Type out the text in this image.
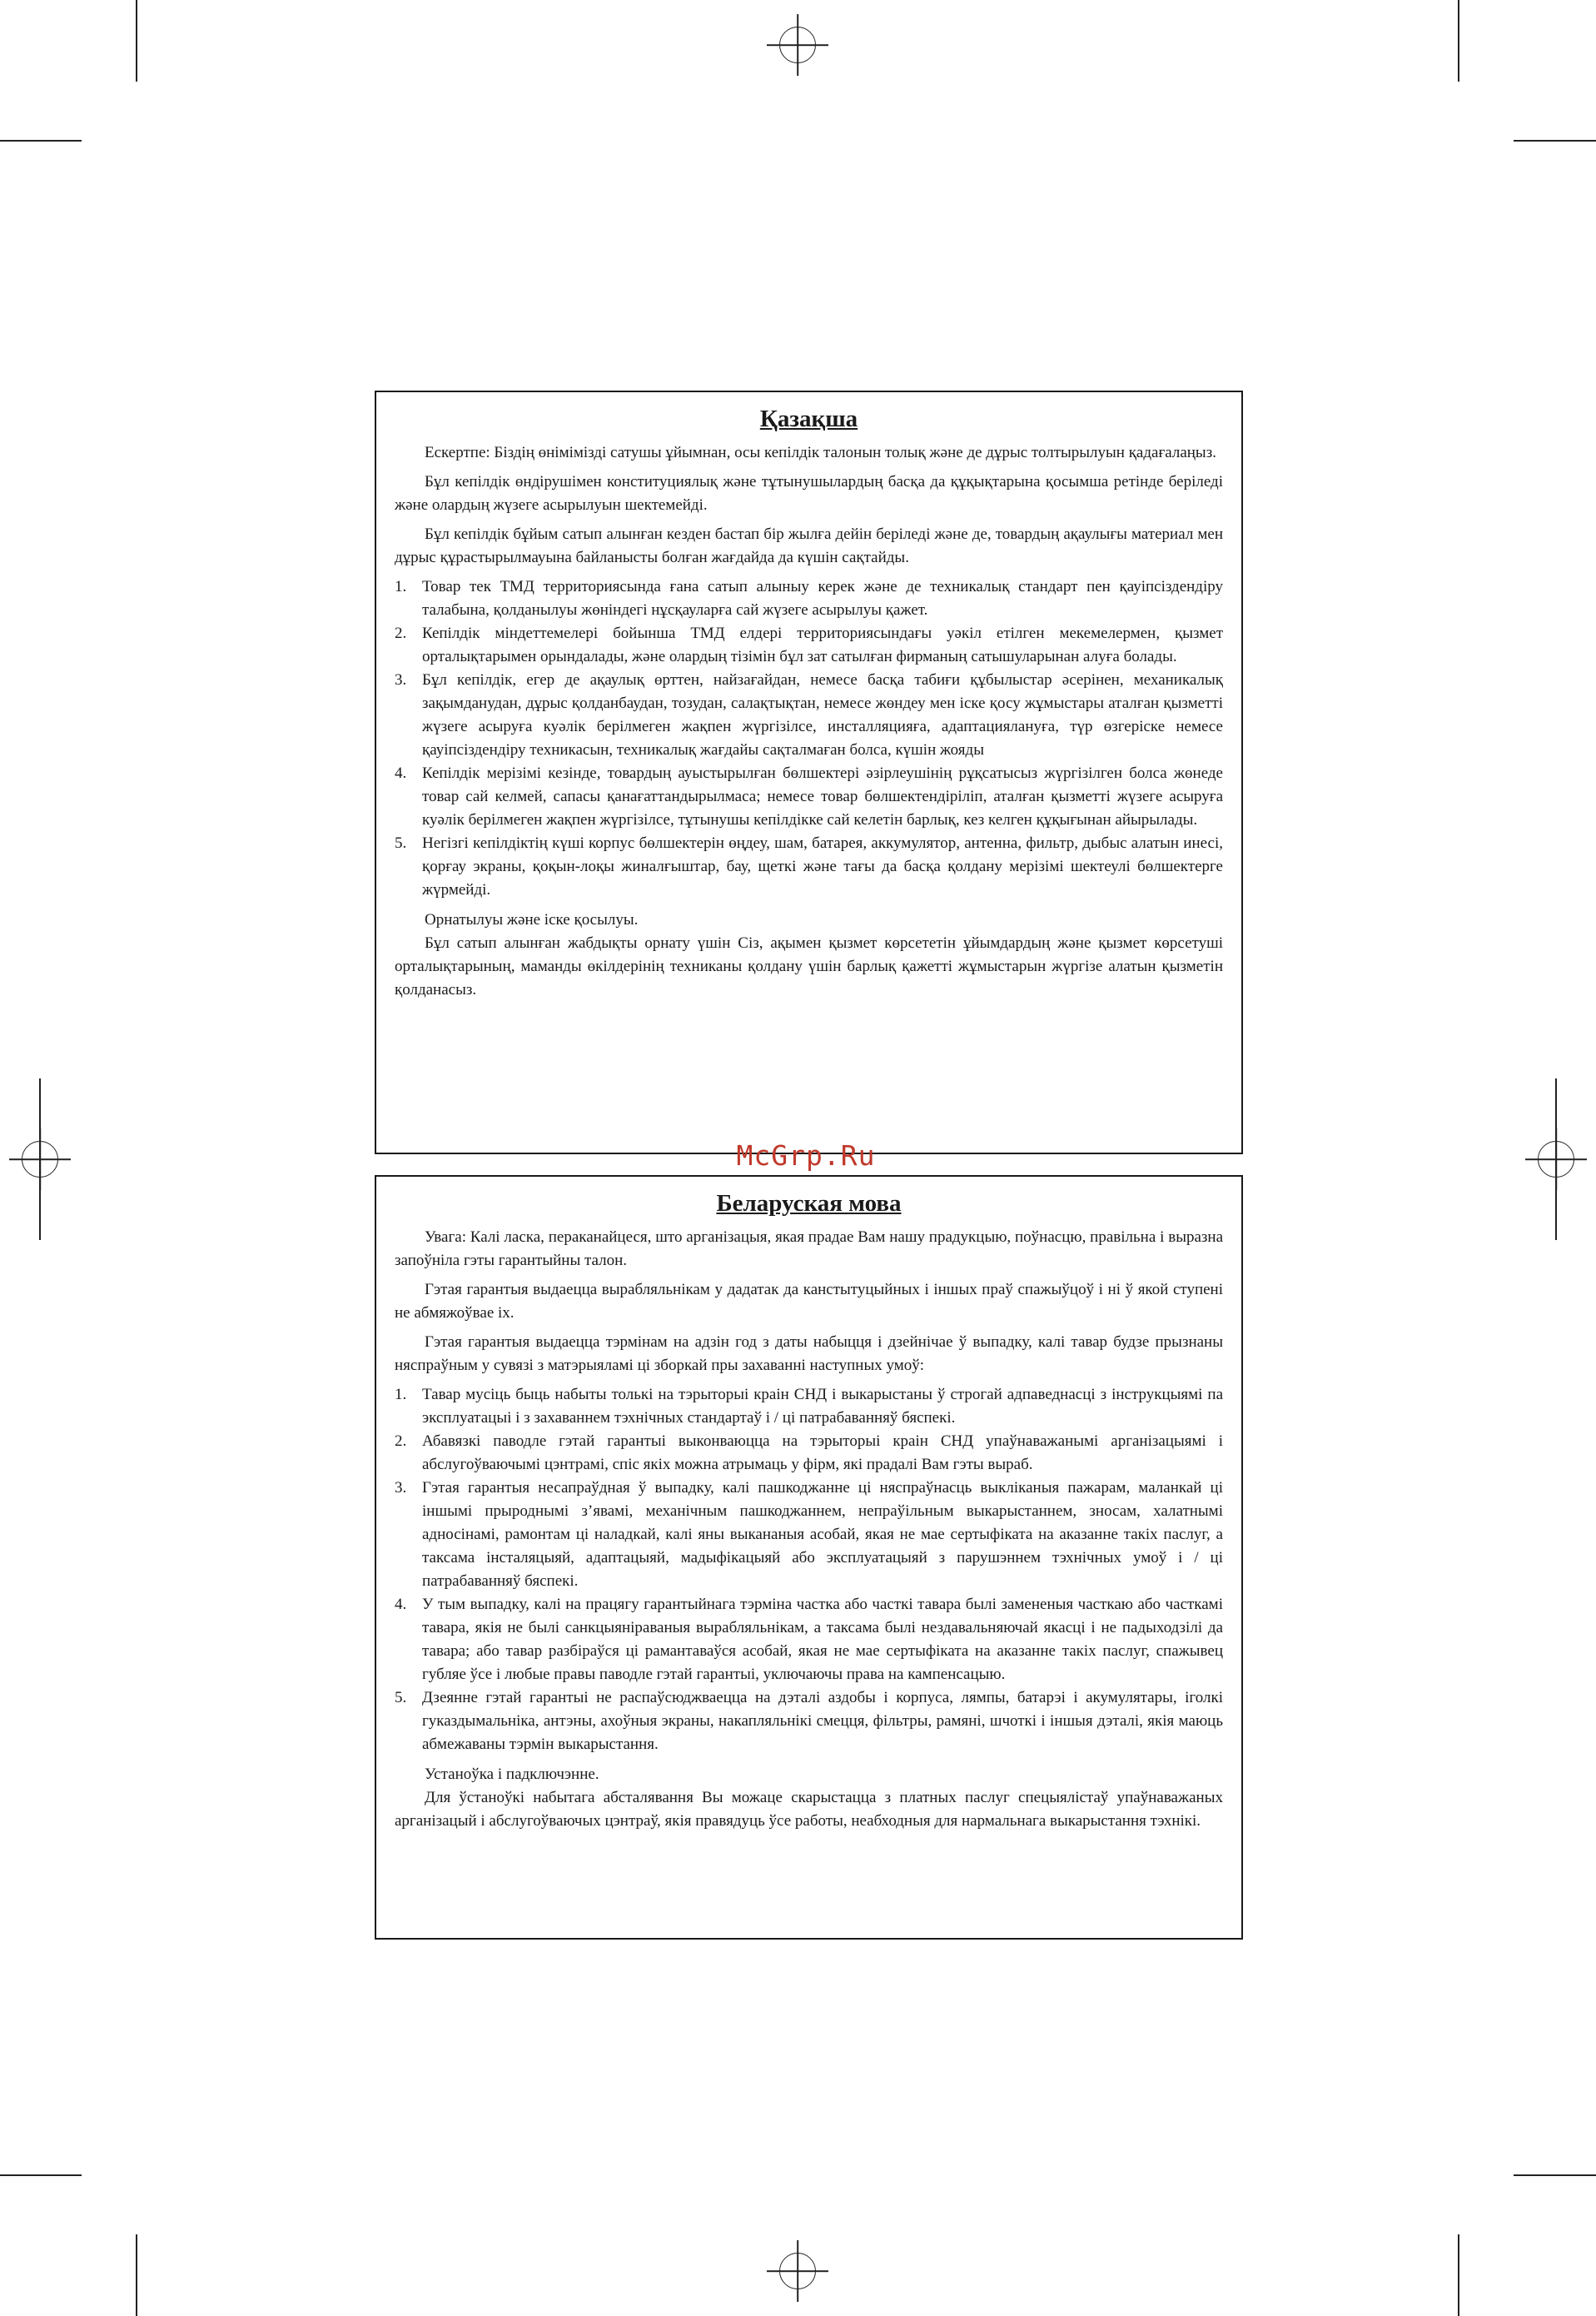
Қазақша

Ескертпе: Біздің өнімімізді сатушы ұйымнан, осы кепілдік талонын толық және де дұрыс толтырылуын қадағалаңыз.

Бұл кепілдік өндірушімен конституциялық және тұтынушылардың басқа да құқықтарына қосымша ретінде беріледі және олардың жүзеге асырылуын шектемейді.

Бұл кепілдік бұйым сатып алынған кезден бастап бір жылға дейін беріледі және де, товардың ақаулығы материал мен дұрыс құрастырылмауына байланысты болған жағдайда да күшін сақтайды.

1. Товар тек ТМД территориясында ғана сатып алыныу керек және де техникалық стандарт пен қауіпсіздендіру талабына, қолданылуы жөніндегі нұсқауларға сай жүзеге асырылуы қажет.
2. Кепілдік міндеттемелері бойынша ТМД елдері территориясындағы уәкіл етілген мекемелермен, қызмет орталықтарымен орындалады, және олардың тізімін бұл зат сатылған фирманың сатышуларынан алуға болады.
3. Бұл кепілдік, егер де ақаулық өрттен, найзағайдан, немесе басқа табиғи құбылыстар әсерінен, механикалық зақымданудан, дұрыс қолданбаудан, тозудан, салақтықтан, немесе жөндеу мен іске қосу жұмыстары аталған қызметті жүзеге асыруға куәлік берілмеген жақпен жүргізілсе, инсталляцияға, адаптациялануға, түр өзгеріске немесе қауіпсіздендіру техникасын, техникалық жағдайы сақталмаған болса, күшін жояды
4. Кепілдік мерізімі кезінде, товардың ауыстырылған бөлшектері әзірлеушінің рұқсатысыз жүргізілген болса жөнеде товар сай келмей, сапасы қанағаттандырылмаса; немесе товар бөлшектендіріліп, аталған қызметті жүзеге асыруға куәлік берілмеген жақпен жүргізілсе, тұтынушы кепілдікке сай келетін барлық, кез келген құқығынан айырылады.
5. Негізгі кепілдіктің күші корпус бөлшектерін өңдеу, шам, батарея, аккумулятор, антенна, фильтр, дыбыс алатын инесі, қорғау экраны, қоқын-лоқы жиналғыштар, бау, щеткі және тағы да басқа қолдану мерізімі шектеулі бөлшектерге жүрмейді.

Орнатылуы және іске қосылуы.

Бұл сатып алынған жабдықты орнату үшін Сіз, ақымен қызмет көрсететін ұйымдардың және қызмет көрсетуші орталықтарының, маманды өкілдерінің техниканы қолдану үшін барлық қажетті жұмыстарын жүргізе алатын қызметін қолданасыз.

McGrp.Ru
Беларуская мова

Увага: Калі ласка, пераканайцеся, што арганізацыя, якая прадае Вам нашу прадукцыю, поўнасцю, правільна і выразна запоўніла гэты гарантыйны талон.

Гэтая гарантыя выдаецца вырабляльнікам у дадатак да канстытуцыйных і іншых праў спажыўцоў і ні ў якой ступені не абмяжоўвае іх.

Гэтая гарантыя выдаецца тэрмінам на адзін год з даты набыцця і дзейнічае ў выпадку, калі тавар будзе прызнаны няспраўным у сувязі з матэрыяламі ці зборкай пры захаванні наступных умоў:

1. Тавар мусіць быць набыты толькі на тэрыторыі краін СНД і выкарыстаны ў строгай адпаведнасці з інструкцыямі па эксплуатацыі і з захаваннем тэхнічных стандартаў і / ці патрабаванняў бяспекі.
2. Абавязкі паводле гэтай гарантыі выконваюцца на тэрыторыі краін СНД упаўнаважанымі арганізацыямі і абслугоўваючымі цэнтрамі, спіс якіх можна атрымаць у фірм, які прадалі Вам гэты выраб.
3. Гэтая гарантыя несапраўдная ў выпадку, калі пашкоджанне ці няспраўнасць выкліканыя пажарам, маланкай ці іншымі прыроднымі з’явамі, механічным пашкоджаннем, непраўільным выкарыстаннем, зносам, халатнымі адносінамі, рамонтам ці наладкай, калі яны выкананыя асобай, якая не мае сертыфіката на аказанне такіх паслуг, а таксама інсталяцыяй, адаптацыяй, мадыфікацыяй або эксплуатацыяй з парушэннем тэхнічных умоў і / ці патрабаванняў бяспекі.
4. У тым выпадку, калі на працягу гарантыйнага тэрміна частка або часткі тавара былі замененыя часткаю або часткамі тавара, якія не былі санкцыяніраваныя вырабляльнікам, а таксама былі нездавальняючай якасці і не падыходзілі да тавара; або тавар разбіраўся ці рамантаваўся асобай, якая не мае сертыфіката на аказанне такіх паслуг, спажывец губляе ўсе і любые правы паводле гэтай гарантыі, уключаючы права на кампенсацыю.
5. Дзеянне гэтай гарантыі не распаўсюджваецца на дэталі аздобы і корпуса, лямпы, батарэі і акумулятары, іголкі гуказдымальніка, антэны, ахоўныя экраны, накапляльнікі смецця, фільтры, рамяні, шчоткі і іншыя дэталі, якія маюць абмежаваны тэрмін выкарыстання.

Устаноўка і падключэнне.

Для ўстаноўкі набытага абсталявання Вы можаце скарыстацца з платных паслуг спецыялістаў упаўнаважаных арганізацый і абслугоўваючых цэнтраў, якія правядуць ўсе работы, неабходныя для нармальнага выкарыстання тэхнікі.
